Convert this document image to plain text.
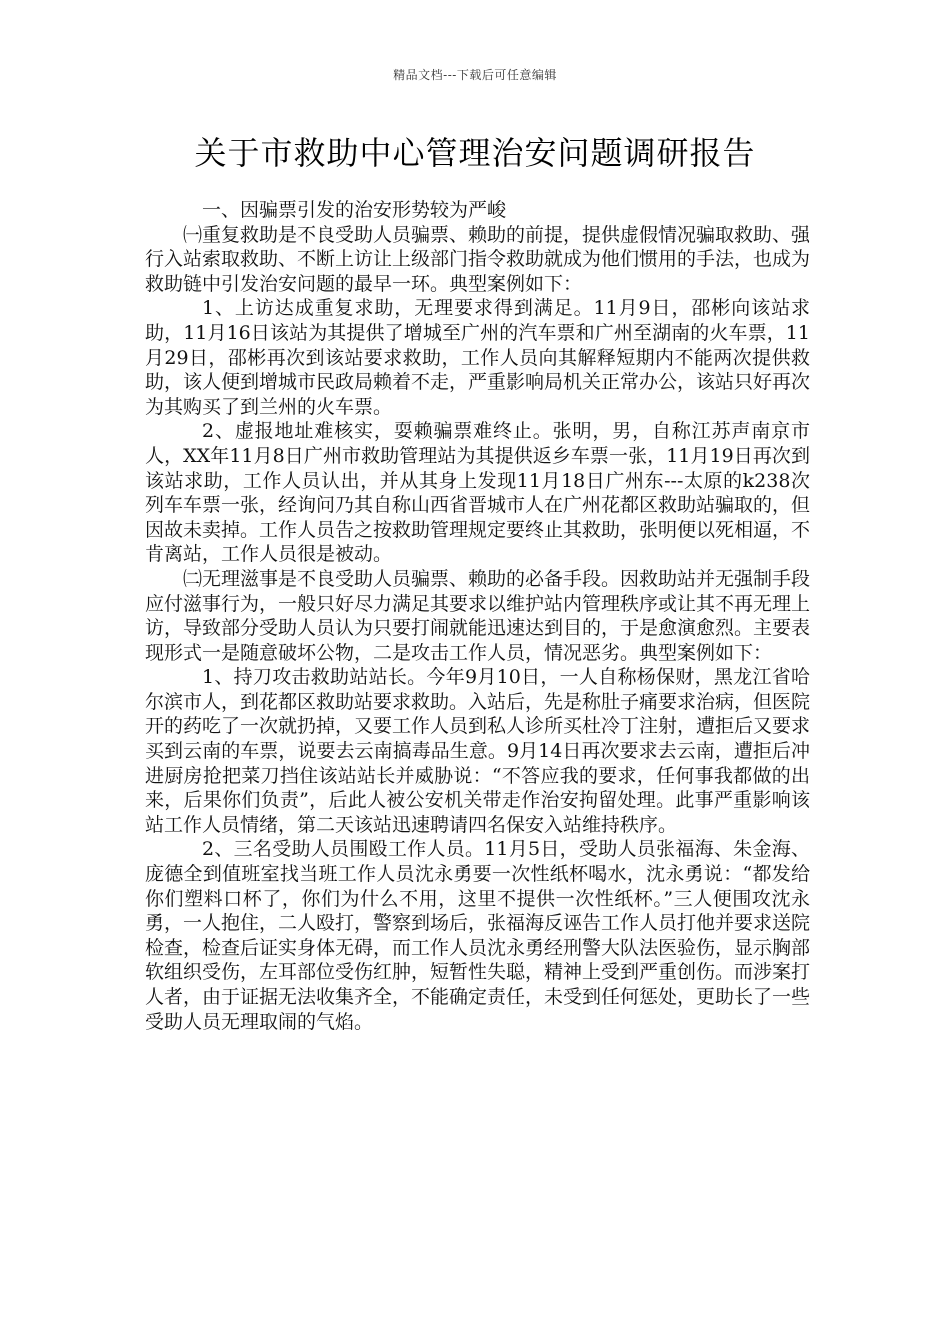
精品文档---下载后可任意编辑
关于市救助中心管理治安问题调研报告

一、因骗票引发的治安形势较为严峻

㈠重复救助是不良受助人员骗票、赖助的前提，提供虚假情况骗取救助、强行入站索取救助、不断上访让上级部门指令救助就成为他们惯用的手法，也成为救助链中引发治安问题的最早一环。典型案例如下：

1、上访达成重复求助，无理要求得到满足。11月9日，邵彬向该站求助，11月16日该站为其提供了增城至广州的汽车票和广州至湖南的火车票，11月29日，邵彬再次到该站要求救助，工作人员向其解释短期内不能两次提供救助，该人便到增城市民政局赖着不走，严重影响局机关正常办公，该站只好再次为其购买了到兰州的火车票。

2、虚报地址难核实，耍赖骗票难终止。张明，男，自称江苏声南京市人，XX年11月8日广州市救助管理站为其提供返乡车票一张，11月19日再次到该站求助，工作人员认出，并从其身上发现11月18日广州东---太原的k238次列车车票一张，经询问乃其自称山西省晋城市人在广州花都区救助站骗取的，但因故未卖掉。工作人员告之按救助管理规定要终止其救助，张明便以死相逼，不肯离站，工作人员很是被动。

㈡无理滋事是不良受助人员骗票、赖助的必备手段。因救助站并无强制手段应付滋事行为，一般只好尽力满足其要求以维护站内管理秩序或让其不再无理上访，导致部分受助人员认为只要打闹就能迅速达到目的，于是愈演愈烈。主要表现形式一是随意破坏公物，二是攻击工作人员，情况恶劣。典型案例如下：

1、持刀攻击救助站站长。今年9月10日，一人自称杨保财，黑龙江省哈尔滨市人，到花都区救助站要求救助。入站后，先是称肚子痛要求治病，但医院开的药吃了一次就扔掉，又要工作人员到私人诊所买杜冷丁注射，遭拒后又要求买到云南的车票，说要去云南搞毒品生意。9月14日再次要求去云南，遭拒后冲进厨房抢把菜刀挡住该站站长并威胁说：“不答应我的要求，任何事我都做的出来，后果你们负责”，后此人被公安机关带走作治安拘留处理。此事严重影响该站工作人员情绪，第二天该站迅速聘请四名保安入站维持秩序。

2、三名受助人员围殴工作人员。11月5日，受助人员张福海、朱金海、庞德全到值班室找当班工作人员沈永勇要一次性纸杯喝水，沈永勇说：“都发给你们塑料口杯了，你们为什么不用，这里不提供一次性纸杯。”三人便围攻沈永勇，一人抱住，二人殴打，警察到场后，张福海反诬告工作人员打他并要求送院检查，检查后证实身体无碍，而工作人员沈永勇经刑警大队法医验伤，显示胸部软组织受伤，左耳部位受伤红肿，短暂性失聪，精神上受到严重创伤。而涉案打人者，由于证据无法收集齐全，不能确定责任，未受到任何惩处，更助长了一些受助人员无理取闹的气焰。
